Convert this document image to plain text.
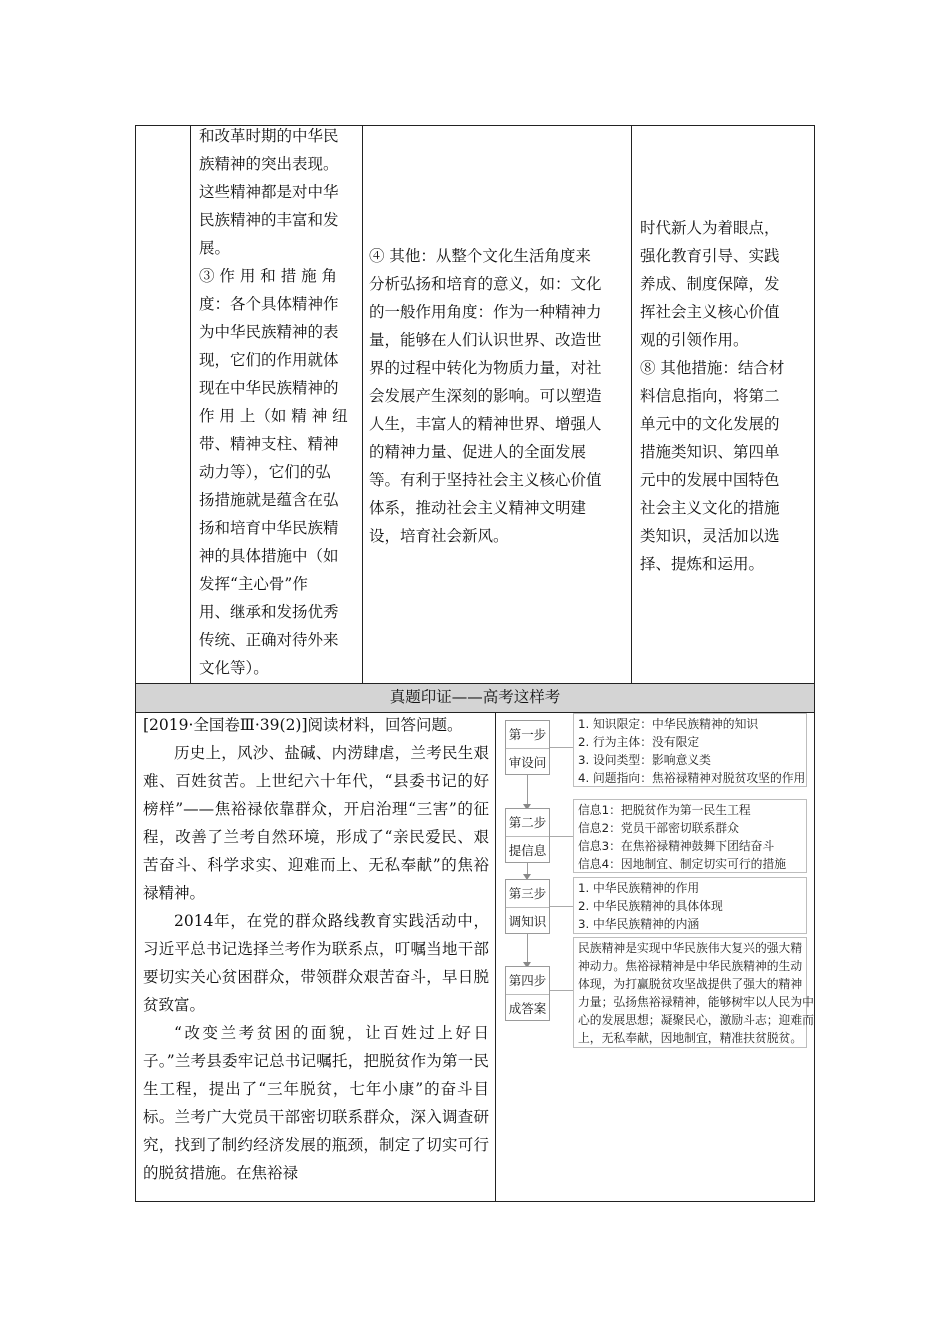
和改革时期的中华民
族精神的突出表现。
这些精神都是对中华
民族精神的丰富和发
展。
③ 作 用 和 措 施 角
度：各个具体精神作
为中华民族精神的表
现，它们的作用就体
现在中华民族精神的
作 用 上（如 精 神 纽
带、精神支柱、精神
动力等），它们的弘
扬措施就是蕴含在弘
扬和培育中华民族精
神的具体措施中（如
发挥“主心骨”作
用、继承和发扬优秀
传统、正确对待外来
文化等）。
④ 其他：从整个文化生活角度来
分析弘扬和培育的意义，如：文化
的一般作用角度：作为一种精神力
量，能够在人们认识世界、改造世
界的过程中转化为物质力量，对社
会发展产生深刻的影响。可以塑造
人生，丰富人的精神世界、增强人
的精神力量、促进人的全面发展
等。有利于坚持社会主义核心价值
体系，推动社会主义精神文明建
设，培育社会新风。
时代新人为着眼点，
强化教育引导、实践
养成、制度保障，发
挥社会主义核心价值
观的引领作用。
⑧ 其他措施：结合材
料信息指向，将第二
单元中的文化发展的
措施类知识、第四单
元中的发展中国特色
社会主义文化的措施
类知识，灵活加以选
择、提炼和运用。
真题印证——高考这样考

[2019·全国卷Ⅲ·39(2)]阅读材料，回答问题。

历史上，风沙、盐碱、内涝肆虐，兰考民生艰难、百姓贫苦。上世纪六十年代，“县委书记的好榜样”——焦裕禄依靠群众，开启治理“三害”的征程，改善了兰考自然环境，形成了“亲民爱民、艰苦奋斗、科学求实、迎难而上、无私奉献”的焦裕禄精神。

2014年，在党的群众路线教育实践活动中，习近平总书记选择兰考作为联系点，叮嘱当地干部要切实关心贫困群众，带领群众艰苦奋斗，早日脱贫致富。

“改变兰考贫困的面貌，让百姓过上好日子。”兰考县委牢记总书记嘱托，把脱贫作为第一民生工程，提出了“三年脱贫，七年小康”的奋斗目标。兰考广大党员干部密切联系群众，深入调查研究，找到了制约经济发展的瓶颈，制定了切实可行的脱贫措施。在焦裕禄

第一步
审设问
1. 知识限定：中华民族精神的知识
2. 行为主体：没有限定
3. 设问类型：影响意义类
4. 问题指向：焦裕禄精神对脱贫攻坚的作用
第二步
提信息
信息1：把脱贫作为第一民生工程
信息2：党员干部密切联系群众
信息3：在焦裕禄精神鼓舞下团结奋斗
信息4：因地制宜、制定切实可行的措施
第三步
调知识
1. 中华民族精神的作用
2. 中华民族精神的具体体现
3. 中华民族精神的内涵
第四步
成答案
民族精神是实现中华民族伟大复兴的强大精
神动力。焦裕禄精神是中华民族精神的生动
体现，为打赢脱贫攻坚战提供了强大的精神
力量；弘扬焦裕禄精神，能够树牢以人民为中
心的发展思想；凝聚民心，激励斗志；迎难而
上，无私奉献，因地制宜，精准扶贫脱贫。
